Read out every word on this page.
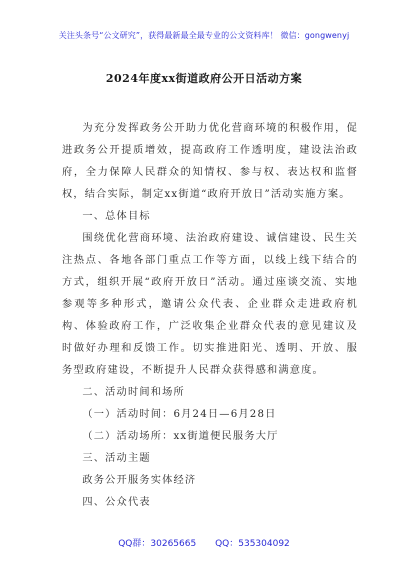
关注头条号“公文研究”，获得最新最全最专业的公文资料库！ 微信：gongwenyj
2024年度xx街道政府公开日活动方案

为充分发挥政务公开助力优化营商环境的积极作用，促进政务公开提质增效，提高政府工作透明度，建设法治政府，全力保障人民群众的知情权、参与权、表达权和监督权，结合实际，制定xx街道“政府开放日”活动实施方案。

一、总体目标

围绕优化营商环境、法治政府建设、诚信建设、民生关注热点、各地各部门重点工作等方面，以线上线下结合的方式，组织开展“政府开放日”活动。通过座谈交流、实地参观等多种形式，邀请公众代表、企业群众走进政府机构、体验政府工作，广泛收集企业群众代表的意见建议及时做好办理和反馈工作。切实推进阳光、透明、开放、服务型政府建设，不断提升人民群众获得感和满意度。

二、活动时间和场所

（一）活动时间：6月24日—6月28日

（二）活动场所：xx街道便民服务大厅

三、活动主题

政务公开服务实体经济

四、公众代表

QQ群：30265665 QQ：535304092
